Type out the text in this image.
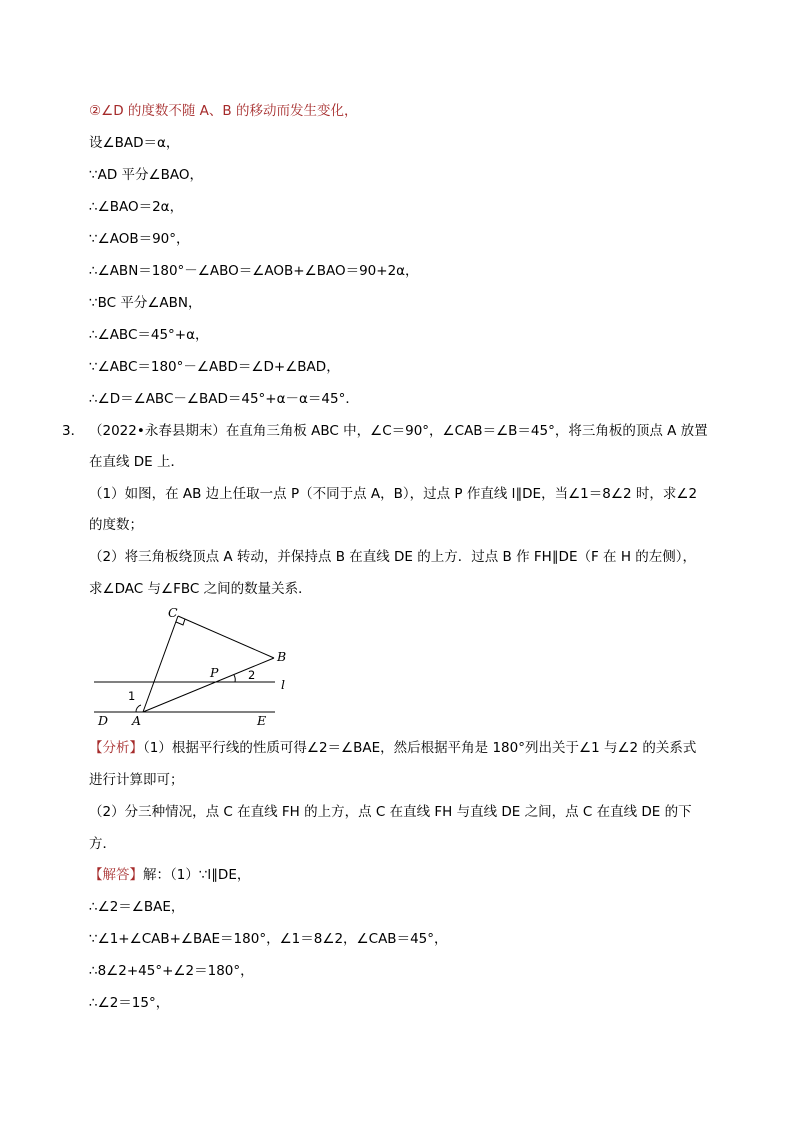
②∠D 的度数不随 A、B 的移动而发生变化，
设∠BAD＝α，
∵AD 平分∠BAO，
∴∠BAO＝2α，
∵∠AOB＝90°，
∴∠ABN＝180°－∠ABO＝∠AOB+∠BAO＝90+2α，
∵BC 平分∠ABN，
∴∠ABC＝45°+α，
∵∠ABC＝180°－∠ABD＝∠D+∠BAD，
∴∠D＝∠ABC－∠BAD＝45°+α－α＝45°．
3． （2022•永春县期末）在直角三角板 ABC 中，∠C＝90°，∠CAB＝∠B＝45°，将三角板的顶点 A 放置
在直线 DE 上．
（1）如图，在 AB 边上任取一点 P（不同于点 A，B），过点 P 作直线 l∥DE，当∠1＝8∠2 时，求∠2
的度数；
（2）将三角板绕顶点 A 转动，并保持点 B 在直线 DE 的上方．过点 B 作 FH∥DE（F 在 H 的左侧），
求∠DAC 与∠FBC 之间的数量关系．
C
B
P
A
D	E
l
1
2
【分析】（1）根据平行线的性质可得∠2＝∠BAE，然后根据平角是 180°列出关于∠1 与∠2 的关系式
进行计算即可；
（2）分三种情况，点 C 在直线 FH 的上方，点 C 在直线 FH 与直线 DE 之间，点 C 在直线 DE 的下
方．
【解答】解：（1）∵l∥DE，
∴∠2＝∠BAE，
∵∠1+∠CAB+∠BAE＝180°，∠1＝8∠2，∠CAB＝45°，
∴8∠2+45°+∠2＝180°，
∴∠2＝15°，
